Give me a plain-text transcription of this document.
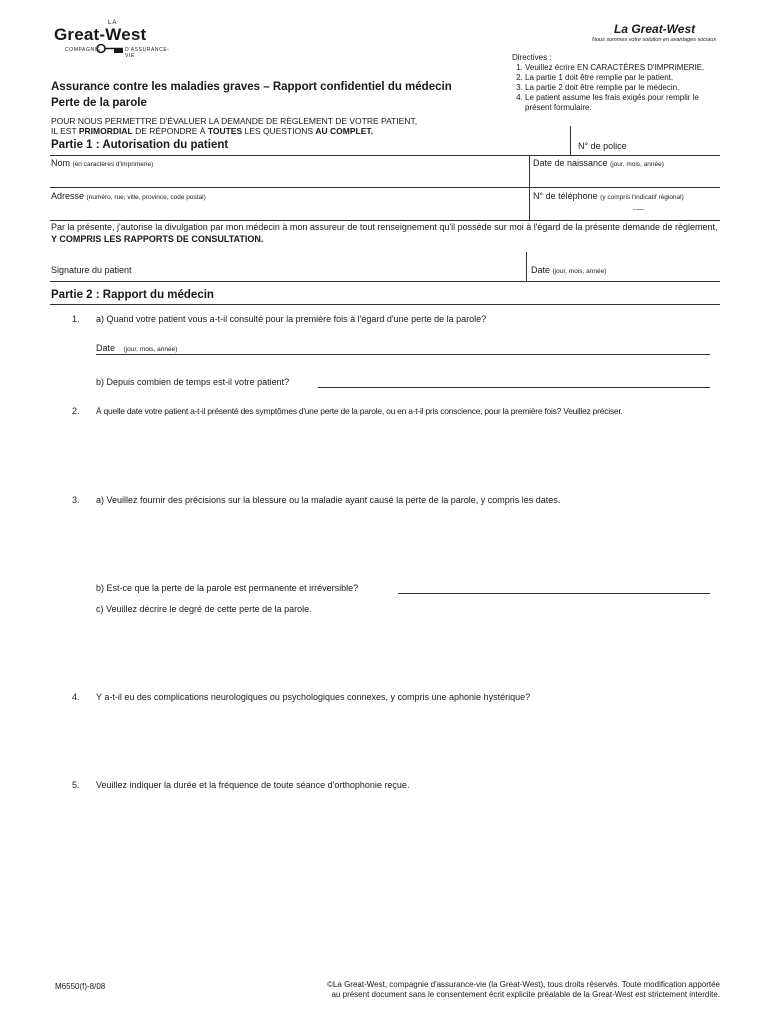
LA
Great-West
COMPAGNIE	D'ASSURANCE-VIE
La Great-West
Nous sommes votre solution en avantages sociaux
Directives :
1. Veuillez écrire EN CARACTÈRES D'IMPRIMERIE.
2. La partie 1 doit être remplie par le patient.
3. La partie 2 doit être remplie par le médecin.
4. Le patient assume les frais exigés pour remplir le présent formulaire.
Assurance contre les maladies graves – Rapport confidentiel du médecin
Perte de la parole
POUR NOUS PERMETTRE D'ÉVALUER LA DEMANDE DE RÈGLEMENT DE VOTRE PATIENT,
IL EST PRIMORDIAL DE RÉPONDRE À TOUTES LES QUESTIONS AU COMPLET.
Partie 1 : Autorisation du patient	N° de police
Nom (en caractères d'imprimerie)	Date de naissance (jour, mois, année)
Adresse (numéro, rue, ville, province, code postal)	N° de téléphone (y compris l'indicatif régional)
–––
Par la présente, j'autorise la divulgation par mon médecin à mon assureur de tout renseignement qu'il possède sur moi à l'égard de la présente demande de règlement, Y COMPRIS LES RAPPORTS DE CONSULTATION.
Signature du patient	Date (jour, mois, année)
Partie 2 : Rapport du médecin
1. a) Quand votre patient vous a-t-il consulté pour la première fois à l'égard d'une perte de la parole?
Date (jour, mois, année)
b) Depuis combien de temps est-il votre patient?
2. À quelle date votre patient a-t-il présenté des symptômes d'une perte de la parole, ou en a-t-il pris conscience, pour la première fois? Veuillez préciser.
3. a) Veuillez fournir des précisions sur la blessure ou la maladie ayant causé la perte de la parole, y compris les dates.
b) Est-ce que la perte de la parole est permanente et irréversible?
c) Veuillez décrire le degré de cette perte de la parole.
4. Y a-t-il eu des complications neurologiques ou psychologiques connexes, y compris une aphonie hystérique?
5. Veuillez indiquer la durée et la fréquence de toute séance d'orthophonie reçue.
M6550(f)-8/08	©La Great-West, compagnie d'assurance-vie (la Great-West), tous droits réservés. Toute modification apportée
au présent document sans le consentement écrit explicite préalable de la Great-West est strictement interdite.
